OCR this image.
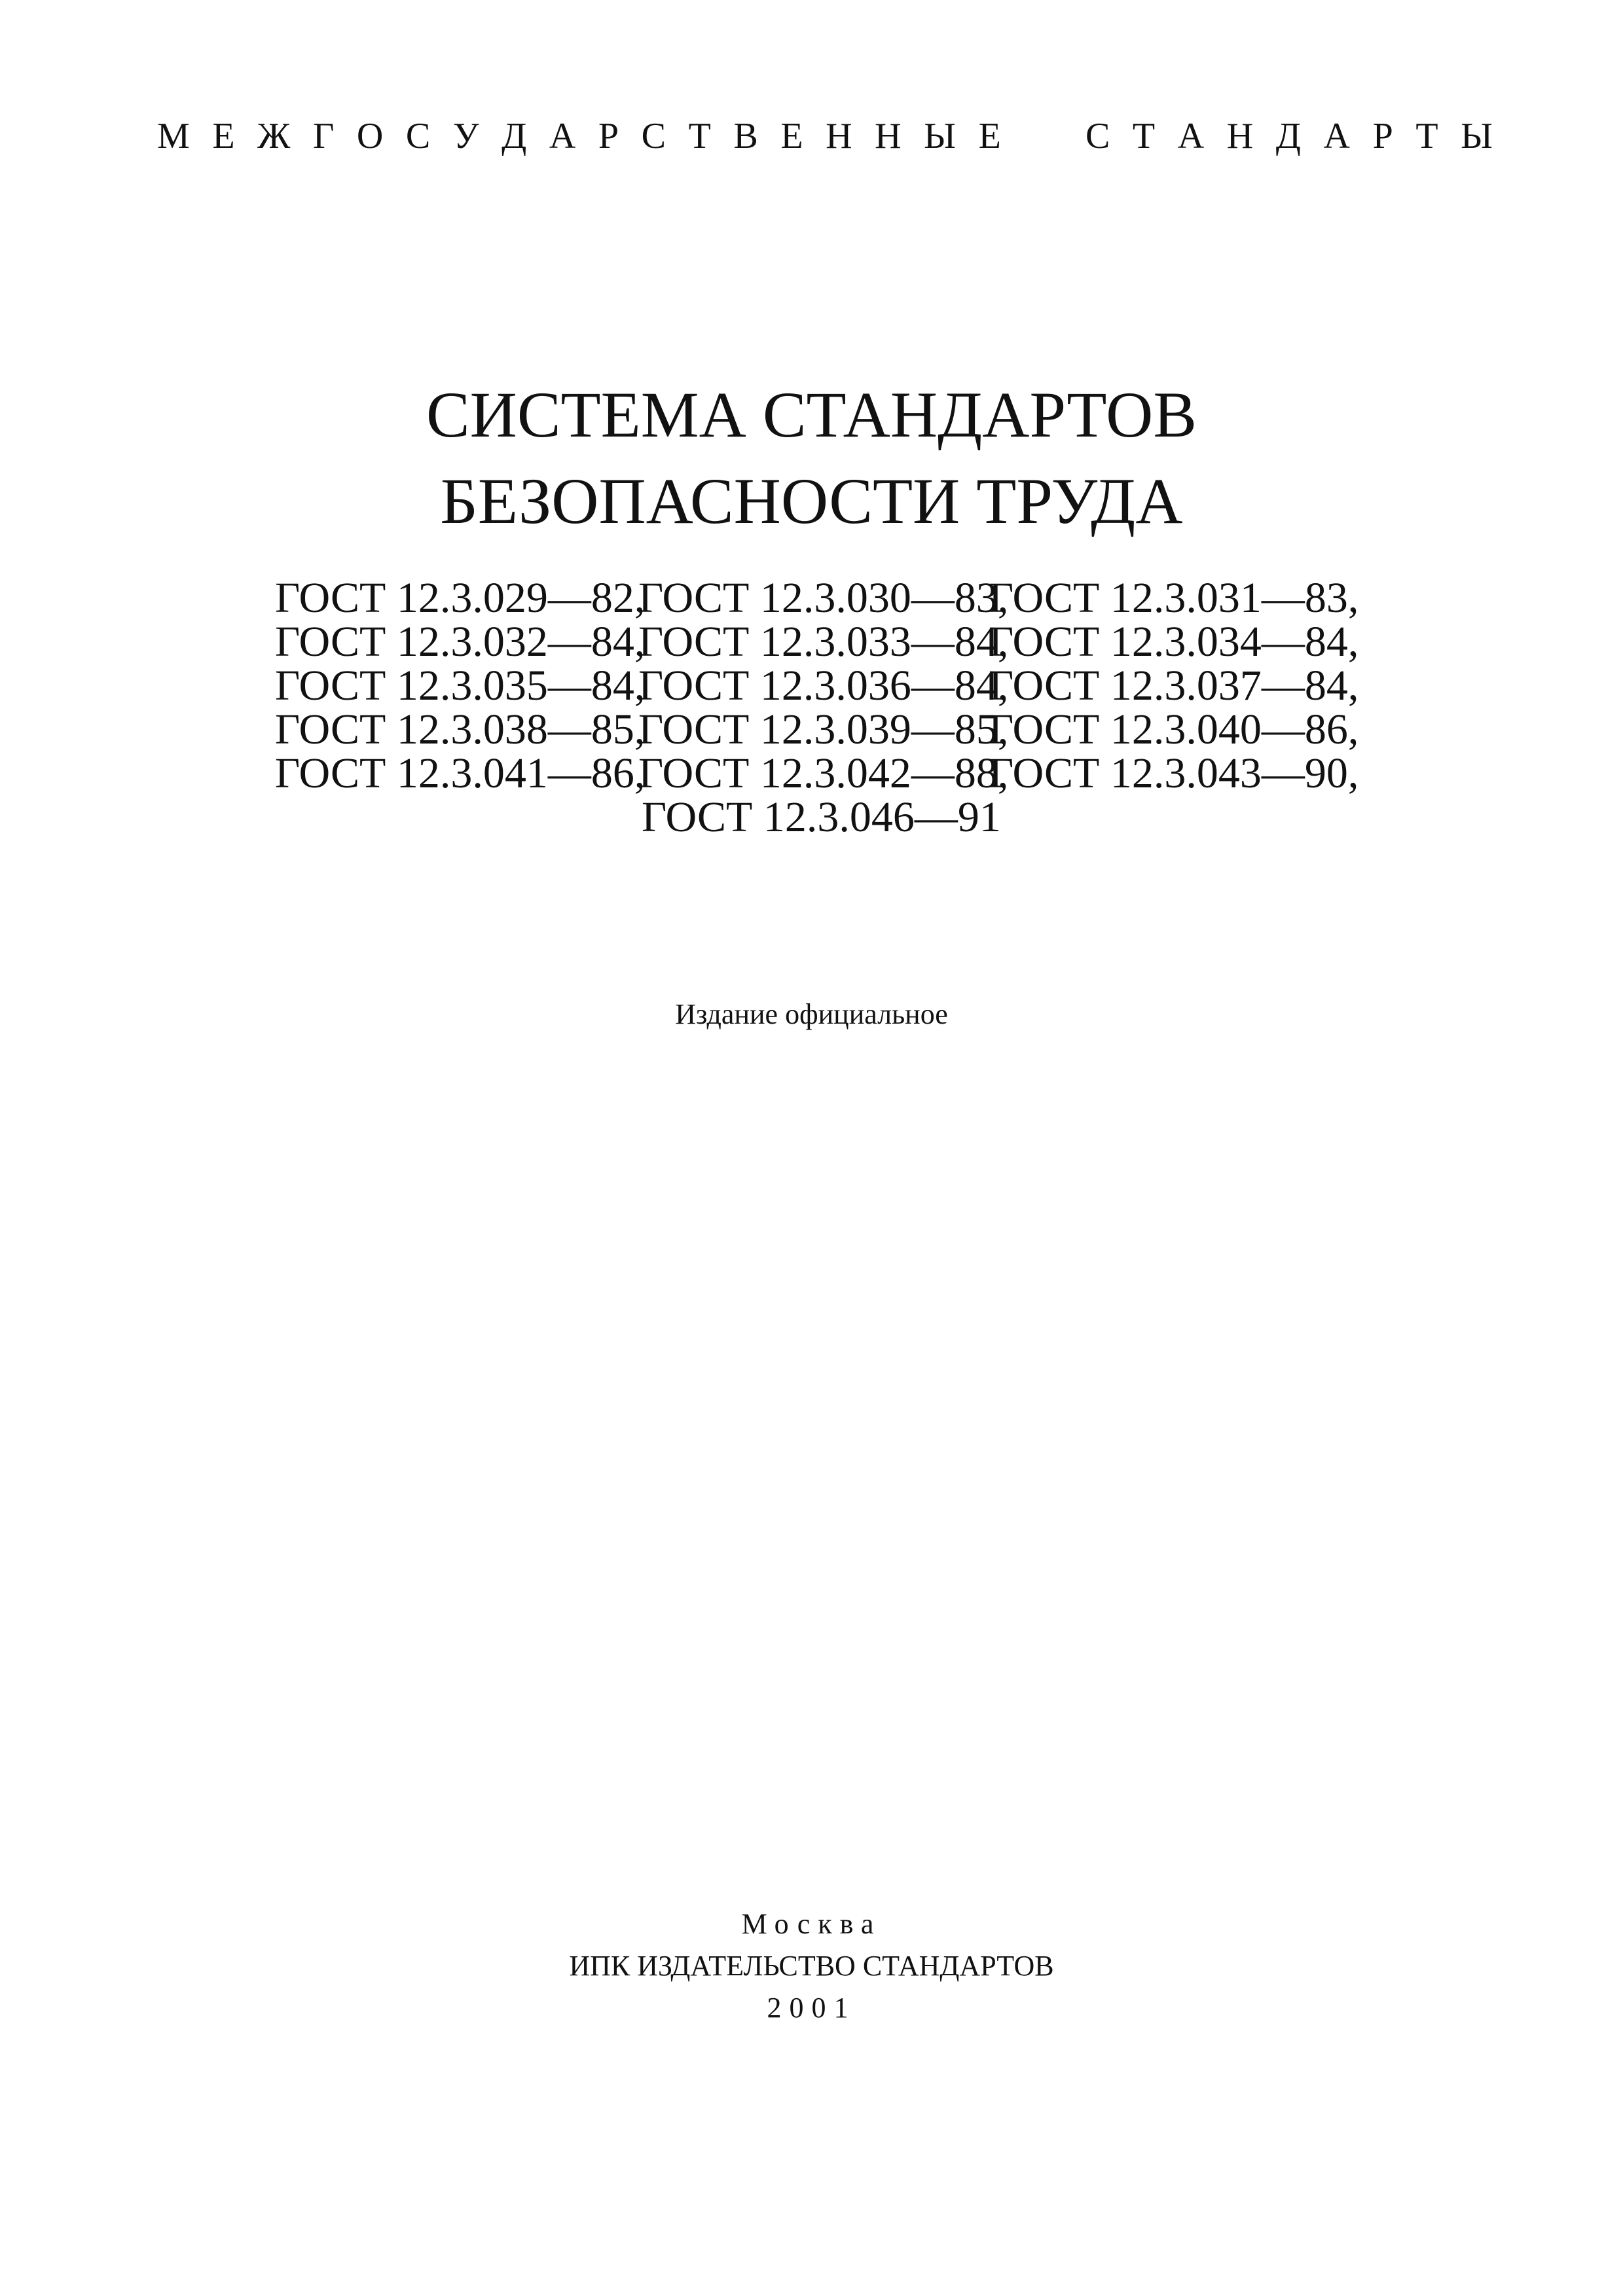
М Е Ж Г О С У Д А Р С Т В Е Н Н Ы Е С Т А Н Д А Р Т Ы
СИСТЕМА СТАНДАРТОВ
БЕЗОПАСНОСТИ ТРУДА
ГОСТ 12.3.029—82,
ГОСТ 12.3.030—83,
ГОСТ 12.3.031—83,
ГОСТ 12.3.032—84,
ГОСТ 12.3.033—84,
ГОСТ 12.3.034—84,
ГОСТ 12.3.035—84,
ГОСТ 12.3.036—84,
ГОСТ 12.3.037—84,
ГОСТ 12.3.038—85,
ГОСТ 12.3.039—85,
ГОСТ 12.3.040—86,
ГОСТ 12.3.041—86,
ГОСТ 12.3.042—88,
ГОСТ 12.3.043—90,
ГОСТ 12.3.046—91
Издание официальное
Москва
ИПК ИЗДАТЕЛЬСТВО СТАНДАРТОВ
2001
